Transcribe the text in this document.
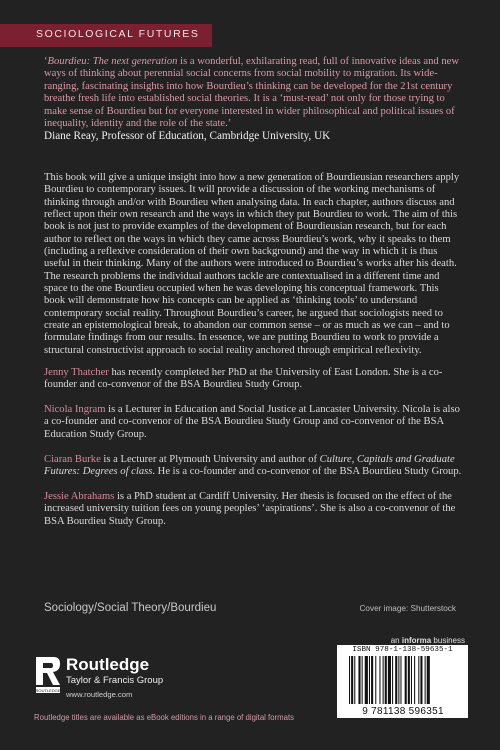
SOCIOLOGICAL FUTURES
‘Bourdieu: The next generation is a wonderful, exhilarating read, full of innovative ideas and new ways of thinking about perennial social concerns from social mobility to migration. Its wide-ranging, fascinating insights into how Bourdieu’s thinking can be developed for the 21st century breathe fresh life into established social theories. It is a ‘must-read’ not only for those trying to make sense of Bourdieu but for everyone interested in wider philosophical and political issues of inequality, identity and the role of the state.’
Diane Reay, Professor of Education, Cambridge University, UK
This book will give a unique insight into how a new generation of Bourdieusian researchers apply Bourdieu to contemporary issues. It will provide a discussion of the working mechanisms of thinking through and/or with Bourdieu when analysing data. In each chapter, authors discuss and reflect upon their own research and the ways in which they put Bourdieu to work. The aim of this book is not just to provide examples of the development of Bourdieusian research, but for each author to reflect on the ways in which they came across Bourdieu’s work, why it speaks to them (including a reflexive consideration of their own background) and the way in which it is thus useful in their thinking. Many of the authors were introduced to Bourdieu’s works after his death. The research problems the individual authors tackle are contextualised in a different time and space to the one Bourdieu occupied when he was developing his conceptual framework. This book will demonstrate how his concepts can be applied as ‘thinking tools’ to understand contemporary social reality. Throughout Bourdieu’s career, he argued that sociologists need to create an epistemological break, to abandon our common sense – or as much as we can – and to formulate findings from our results. In essence, we are putting Bourdieu to work to provide a structural constructivist approach to social reality anchored through empirical reflexivity.
Jenny Thatcher has recently completed her PhD at the University of East London. She is a co-founder and co-convenor of the BSA Bourdieu Study Group.
Nicola Ingram is a Lecturer in Education and Social Justice at Lancaster University. Nicola is also a co-founder and co-convenor of the BSA Bourdieu Study Group and co-convenor of the BSA Education Study Group.
Ciaran Burke is a Lecturer at Plymouth University and author of Culture, Capitals and Graduate Futures: Degrees of class. He is a co-founder and co-convenor of the BSA Bourdieu Study Group.
Jessie Abrahams is a PhD student at Cardiff University. Her thesis is focused on the effect of the increased university tuition fees on young peoples’ ‘aspirations’. She is also a co-convenor of the BSA Bourdieu Study Group.
Sociology/Social Theory/Bourdieu	Cover image: Shutterstock
an informa business
ISBN 978-1-138-59635-1
9 781138 596351
ROUTLEDGE
Routledge
Taylor & Francis Group
www.routledge.com
Routledge titles are available as eBook editions in a range of digital formats
